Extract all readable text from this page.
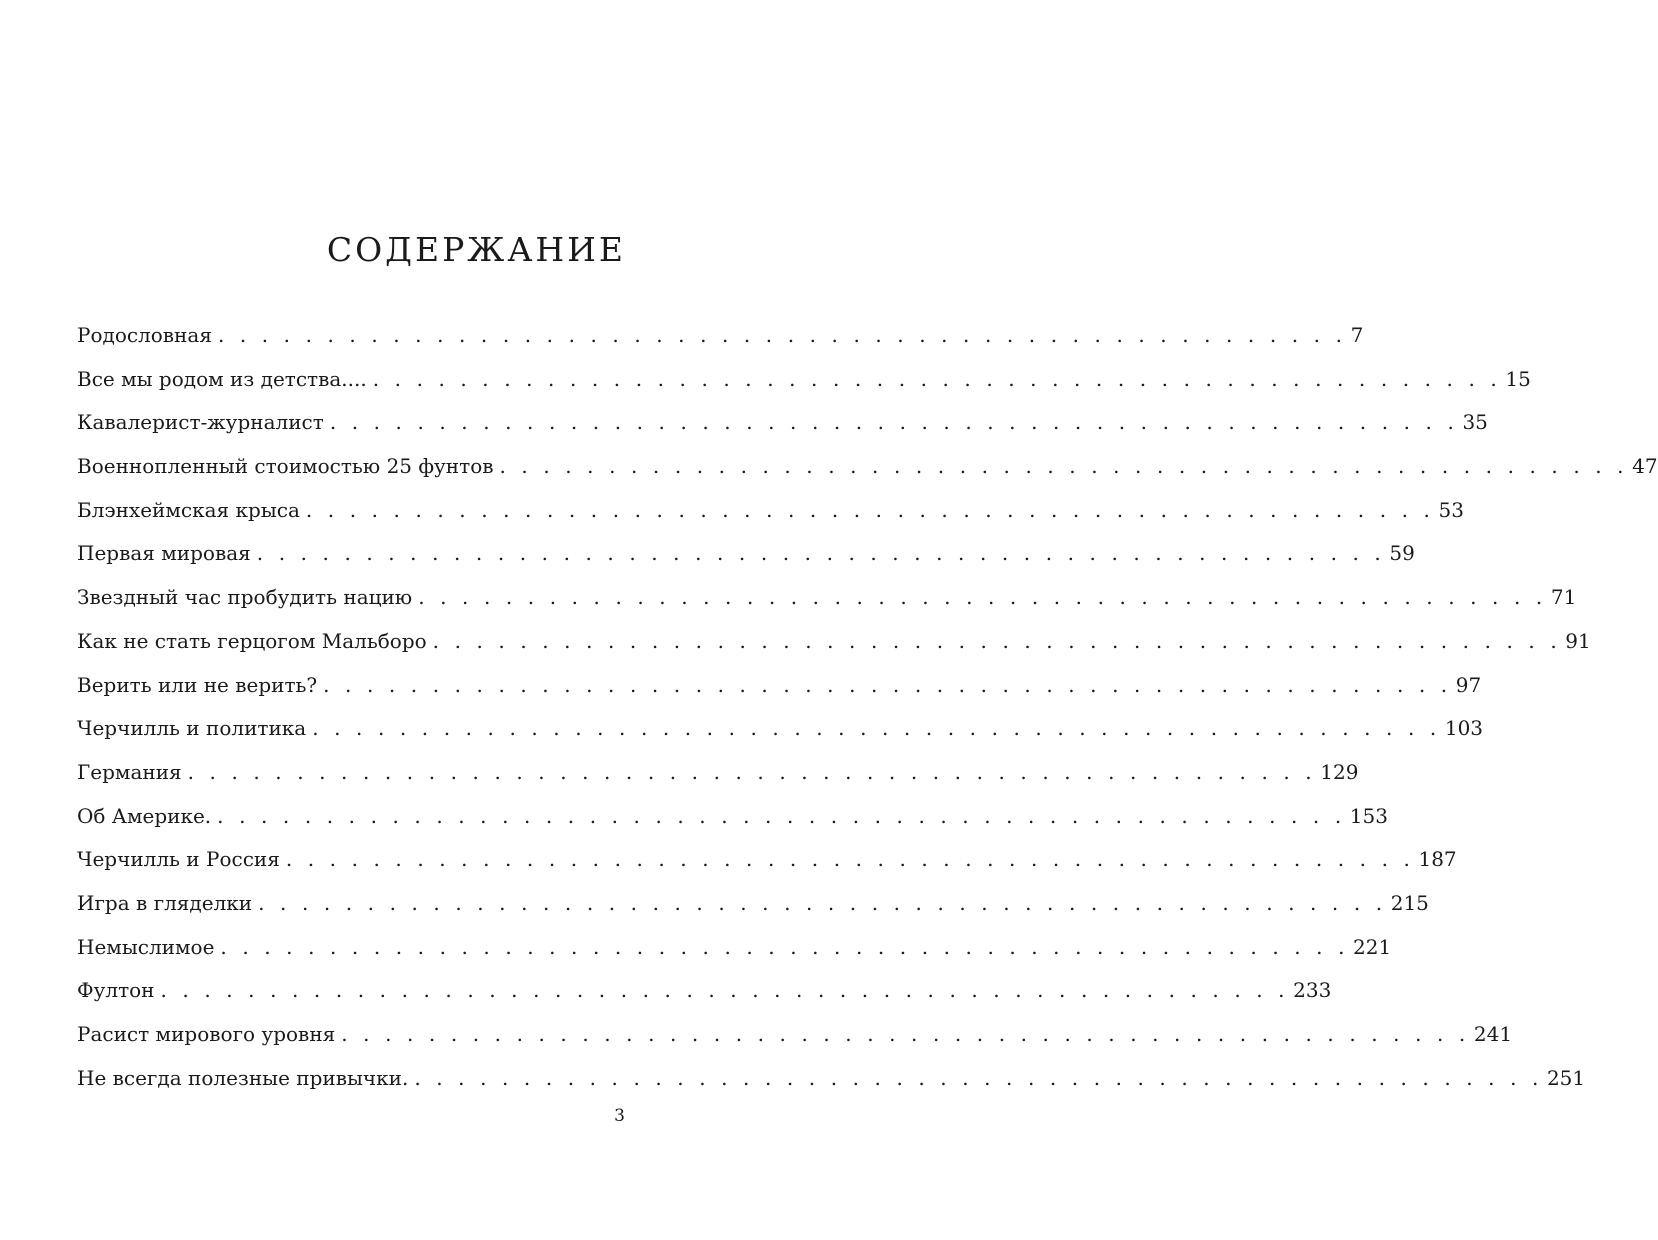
СОДЕРЖАНИЕ
Родословная . . . . . . . . . . . . . . . . . . . . . . . . . . . . . . . . . . . . . . . . . . . . . . . . . . . . 7
Все мы родом из детства.... . . . . . . . . . . . . . . . . . . . . . . . . . . . . . . . . . . . . . . . . . . . . . . . . . . . . 15
Кавалерист-журналист . . . . . . . . . . . . . . . . . . . . . . . . . . . . . . . . . . . . . . . . . . . . . . . . . . . . 35
Военнопленный стоимостью 25 фунтов . . . . . . . . . . . . . . . . . . . . . . . . . . . . . . . . . . . . . . . . . . . . . . . . . . . . 47
Блэнхеймская крыса . . . . . . . . . . . . . . . . . . . . . . . . . . . . . . . . . . . . . . . . . . . . . . . . . . . . 53
Первая мировая . . . . . . . . . . . . . . . . . . . . . . . . . . . . . . . . . . . . . . . . . . . . . . . . . . . . 59
Звездный час пробудить нацию . . . . . . . . . . . . . . . . . . . . . . . . . . . . . . . . . . . . . . . . . . . . . . . . . . . . 71
Как не стать герцогом Мальборо . . . . . . . . . . . . . . . . . . . . . . . . . . . . . . . . . . . . . . . . . . . . . . . . . . . . 91
Верить или не верить? . . . . . . . . . . . . . . . . . . . . . . . . . . . . . . . . . . . . . . . . . . . . . . . . . . . . 97
Черчилль и политика . . . . . . . . . . . . . . . . . . . . . . . . . . . . . . . . . . . . . . . . . . . . . . . . . . . . 103
Германия . . . . . . . . . . . . . . . . . . . . . . . . . . . . . . . . . . . . . . . . . . . . . . . . . . . . 129
Об Америке. . . . . . . . . . . . . . . . . . . . . . . . . . . . . . . . . . . . . . . . . . . . . . . . . . . . . 153
Черчилль и Россия . . . . . . . . . . . . . . . . . . . . . . . . . . . . . . . . . . . . . . . . . . . . . . . . . . . . 187
Игра в гляделки . . . . . . . . . . . . . . . . . . . . . . . . . . . . . . . . . . . . . . . . . . . . . . . . . . . . 215
Немыслимое . . . . . . . . . . . . . . . . . . . . . . . . . . . . . . . . . . . . . . . . . . . . . . . . . . . . 221
Фултон . . . . . . . . . . . . . . . . . . . . . . . . . . . . . . . . . . . . . . . . . . . . . . . . . . . . 233
Расист мирового уровня . . . . . . . . . . . . . . . . . . . . . . . . . . . . . . . . . . . . . . . . . . . . . . . . . . . . 241
Не всегда полезные привычки. . . . . . . . . . . . . . . . . . . . . . . . . . . . . . . . . . . . . . . . . . . . . . . . . . . . . 251
3
